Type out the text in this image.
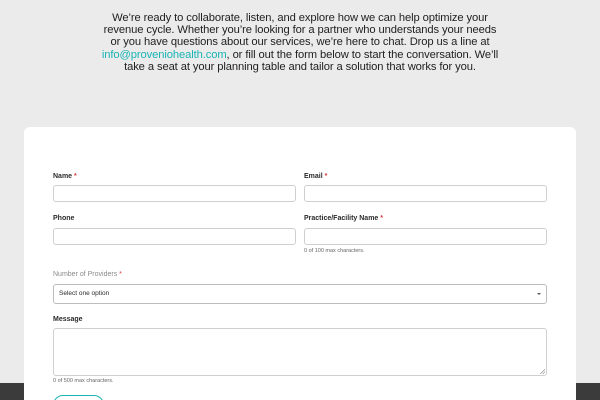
We’re ready to collaborate, listen, and explore how we can help optimize your revenue cycle. Whether you’re looking for a partner who understands your needs or you have questions about our services, we’re here to chat. Drop us a line at info@proveniohealth.com, or fill out the form below to start the conversation. We’ll take a seat at your planning table and tailor a solution that works for you.
Name *	Email *
Phone	Practice/Facility Name *
0 of 100 max characters.
Number of Providers *
Select one option
Message
0 of 500 max characters.
